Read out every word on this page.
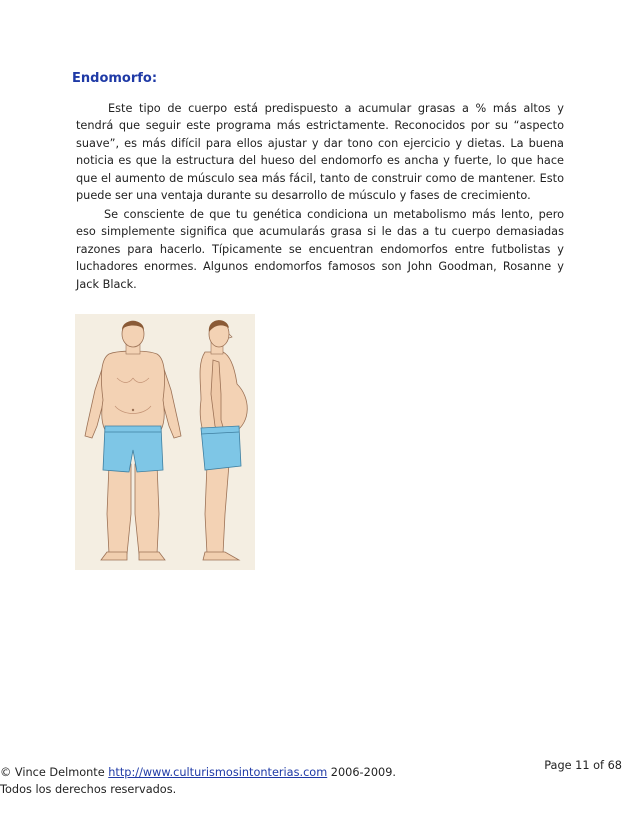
Endomorfo:

Este tipo de cuerpo está predispuesto a acumular grasas a % más altos y tendrá que seguir este programa más estrictamente. Reconocidos por su “aspecto suave”, es más difícil para ellos ajustar y dar tono con ejercicio y dietas. La buena noticia es que la estructura del hueso del endomorfo es ancha y fuerte, lo que hace que el aumento de músculo sea más fácil, tanto de construir como de mantener. Esto puede ser una ventaja durante su desarrollo de músculo y fases de crecimiento.

Se consciente de que tu genética condiciona un metabolismo más lento, pero eso simplemente significa que acumularás grasa si le das a tu cuerpo demasiadas razones para hacerlo. Típicamente se encuentran endomorfos entre futbolistas y luchadores enormes. Algunos endomorfos famosos son John Goodman, Rosanne y Jack Black.

© Vince Delmonte http://www.culturismosintonterias.com 2006-2009.
Todos los derechos reservados.

Page 11 of 68
